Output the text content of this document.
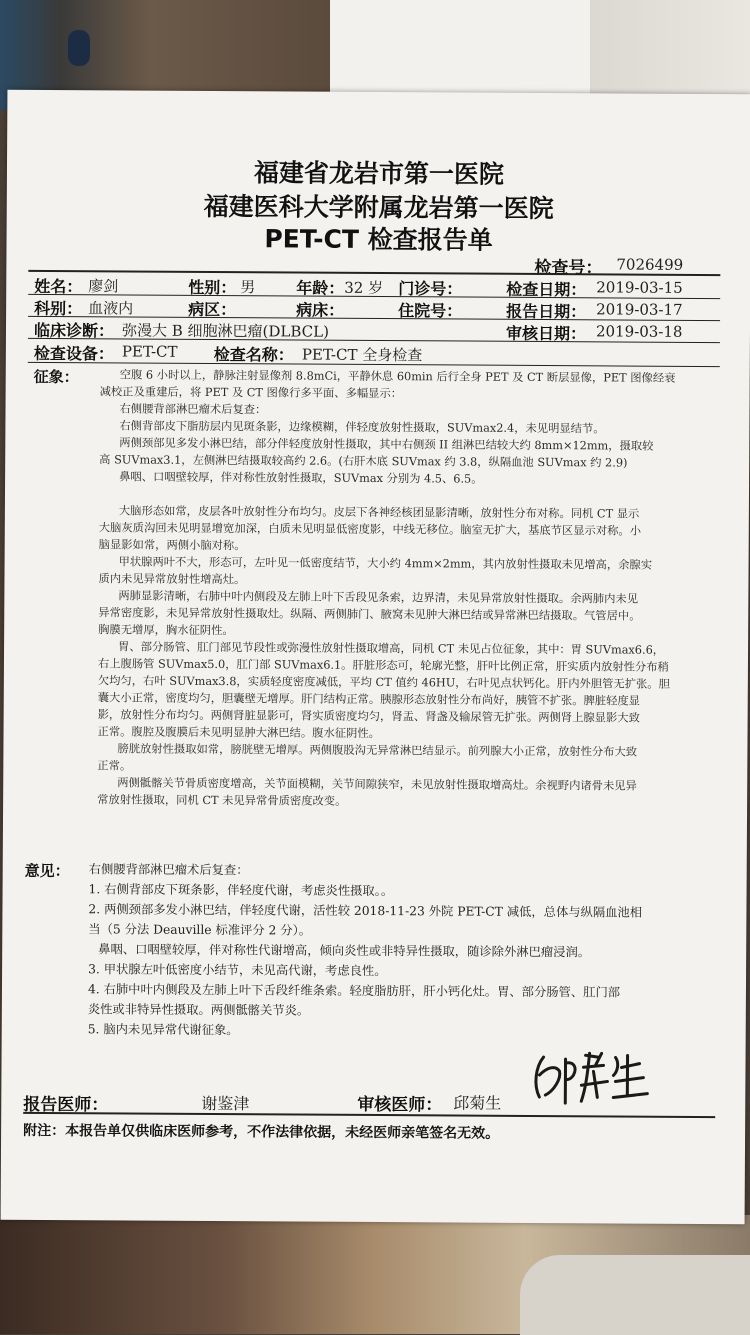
福建省龙岩市第一医院
福建医科大学附属龙岩第一医院
PET-CT 检查报告单
检查号： 7026499
姓名： 廖剑	性别： 男	年龄： 32 岁 门诊号：	检查日期： 2019-03-15
科别： 血液内	病区：	病床：	住院号：	报告日期： 2019-03-17
临床诊断： 弥漫大 B 细胞淋巴瘤(DLBCL)	审核日期： 2019-03-18
检查设备： PET-CT 检查名称： PET-CT 全身检查
征象：	空腹 6 小时以上，静脉注射显像剂 8.8mCi，平静休息 60min 后行全身 PET 及 CT 断层显像，PET 图像经衰
减校正及重建后，将 PET 及 CT 图像行多平面、多幅显示：
右侧腰背部淋巴瘤术后复查：
右侧背部皮下脂肪层内见斑条影，边缘模糊，伴轻度放射性摄取，SUVmax2.4，未见明显结节。
两侧颈部见多发小淋巴结，部分伴轻度放射性摄取，其中右侧颈 II 组淋巴结较大约 8mm×12mm，摄取较
高 SUVmax3.1，左侧淋巴结摄取较高约 2.6。(右肝木底 SUVmax 约 3.8，纵隔血池 SUVmax 约 2.9)
鼻咽、口咽壁较厚，伴对称性放射性摄取，SUVmax 分别为 4.5、6.5。
大脑形态如常，皮层各叶放射性分布均匀。皮层下各神经核团显影清晰，放射性分布对称。同机 CT 显示
大脑灰质沟回未见明显增宽加深，白质未见明显低密度影，中线无移位。脑室无扩大，基底节区显示对称。小
脑显影如常，两侧小脑对称。
甲状腺两叶不大，形态可，左叶见一低密度结节，大小约 4mm×2mm，其内放射性摄取未见增高，余腺实
质内未见异常放射性增高灶。
两肺显影清晰，右肺中叶内侧段及左肺上叶下舌段见条索，边界清，未见异常放射性摄取。余两肺内未见
异常密度影，未见异常放射性摄取灶。纵隔、两侧肺门、腋窝未见肿大淋巴结或异常淋巴结摄取。气管居中。
胸膜无增厚，胸水征阴性。
胃、部分肠管、肛门部见节段性或弥漫性放射性摄取增高，同机 CT 未见占位征象，其中：胃 SUVmax6.6，
右上腹肠管 SUVmax5.0，肛门部 SUVmax6.1。肝脏形态可，轮廓光整，肝叶比例正常，肝实质内放射性分布稍
欠均匀，右叶 SUVmax3.8，实质轻度密度减低，平均 CT 值约 46HU，右叶见点状钙化。肝内外胆管无扩张。胆
囊大小正常，密度均匀，胆囊壁无增厚。肝门结构正常。胰腺形态放射性分布尚好，胰管不扩张。脾脏轻度显
影，放射性分布均匀。两侧肾脏显影可，肾实质密度均匀，肾盂、肾盏及输尿管无扩张。两侧肾上腺显影大致
正常。腹腔及腹膜后未见明显肿大淋巴结。腹水征阴性。
膀胱放射性摄取如常，膀胱壁无增厚。两侧腹股沟无异常淋巴结显示。前列腺大小正常，放射性分布大致
正常。
两侧骶髂关节骨质密度增高，关节面模糊，关节间隙狭窄，未见放射性摄取增高灶。余视野内诸骨未见异
常放射性摄取，同机 CT 未见异常骨质密度改变。
意见： 右侧腰背部淋巴瘤术后复查：
1. 右侧背部皮下斑条影，伴轻度代谢，考虑炎性摄取。。
2. 两侧颈部多发小淋巴结，伴轻度代谢，活性较 2018-11-23 外院 PET-CT 减低，总体与纵隔血池相
当（5 分法 Deauville 标准评分 2 分）。
鼻咽、口咽壁较厚，伴对称性代谢增高，倾向炎性或非特异性摄取，随诊除外淋巴瘤浸润。
3. 甲状腺左叶低密度小结节，未见高代谢，考虑良性。
4. 右肺中叶内侧段及左肺上叶下舌段纤维条索。轻度脂肪肝，肝小钙化灶。胃、部分肠管、肛门部
炎性或非特异性摄取。两侧骶髂关节炎。
5. 脑内未见异常代谢征象。
报告医师：	谢鉴津	审核医师： 邱菊生
附注：本报告单仅供临床医师参考，不作法律依据，未经医师亲笔签名无效。
